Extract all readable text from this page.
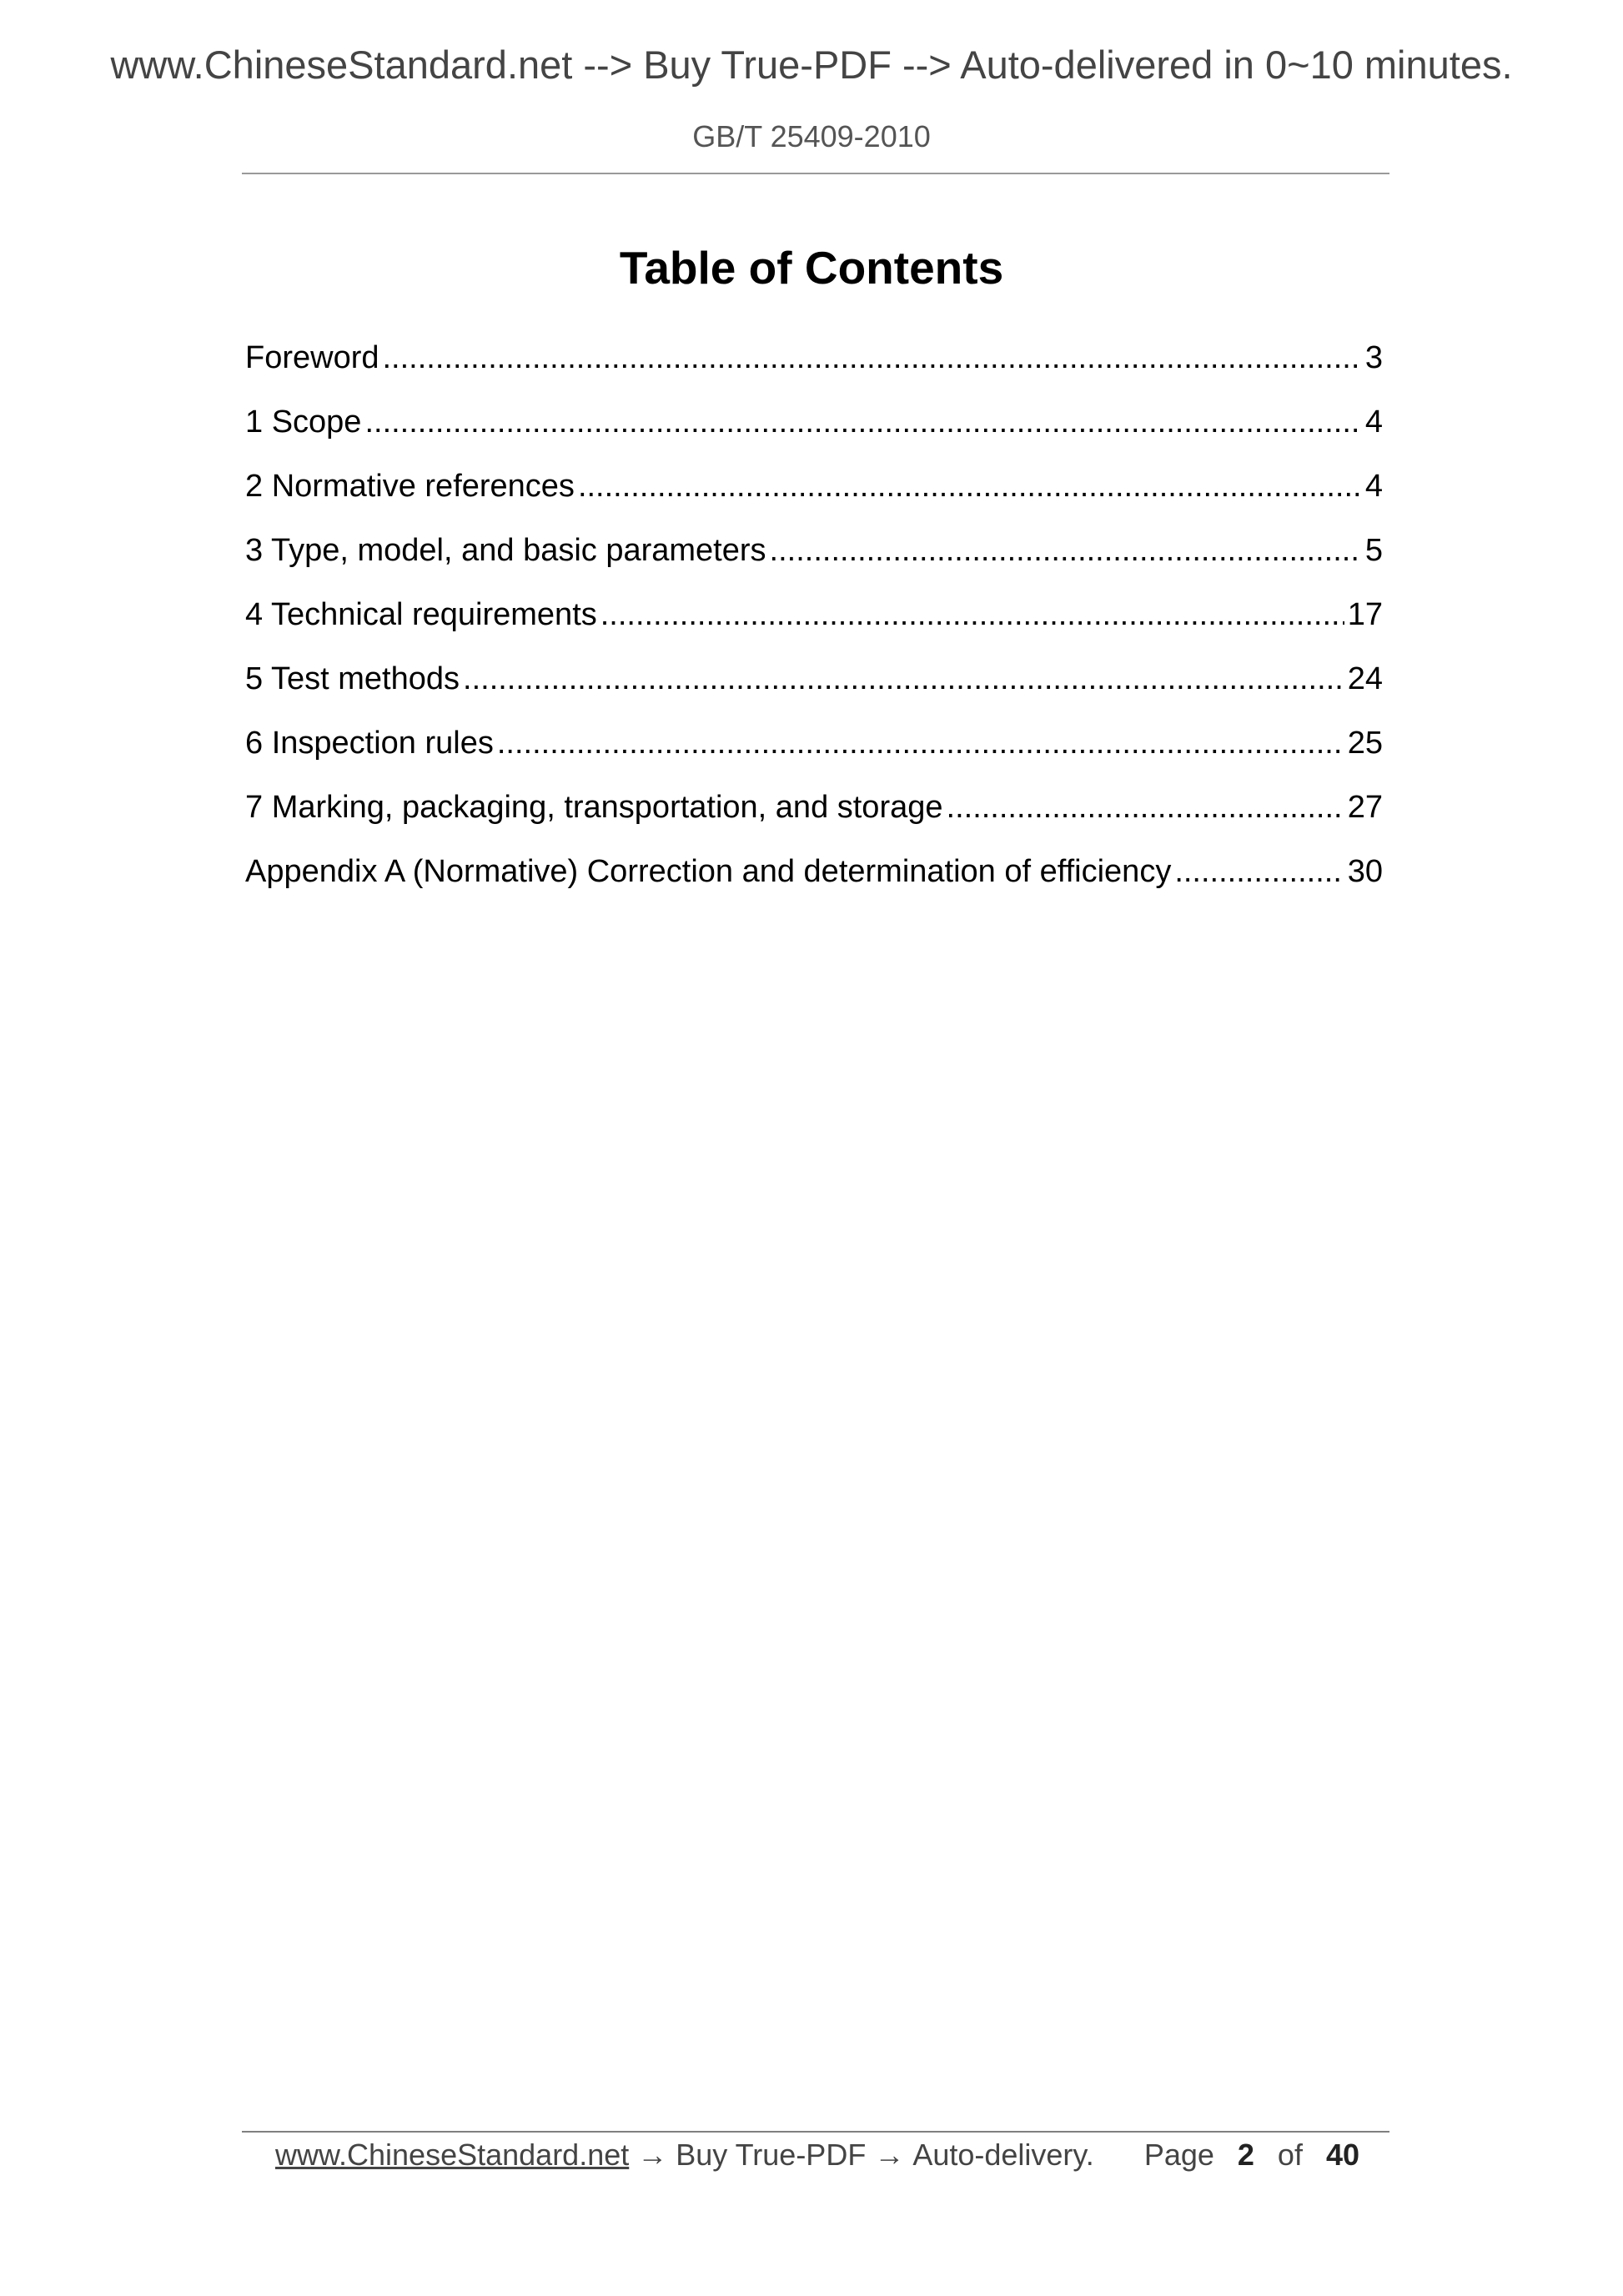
www.ChineseStandard.net --> Buy True-PDF --> Auto-delivered in 0~10 minutes.
GB/T 25409-2010
Table of Contents
Foreword .....	3
1 Scope .....	4
2 Normative references .....	4
3 Type, model, and basic parameters .....	5
4 Technical requirements .....	17
5 Test methods .....	24
6 Inspection rules .....	25
7 Marking, packaging, transportation, and storage .....	27
Appendix A (Normative) Correction and determination of efficiency .....	30
www.ChineseStandard.net → Buy True-PDF → Auto-delivery. Page 2 of 40
